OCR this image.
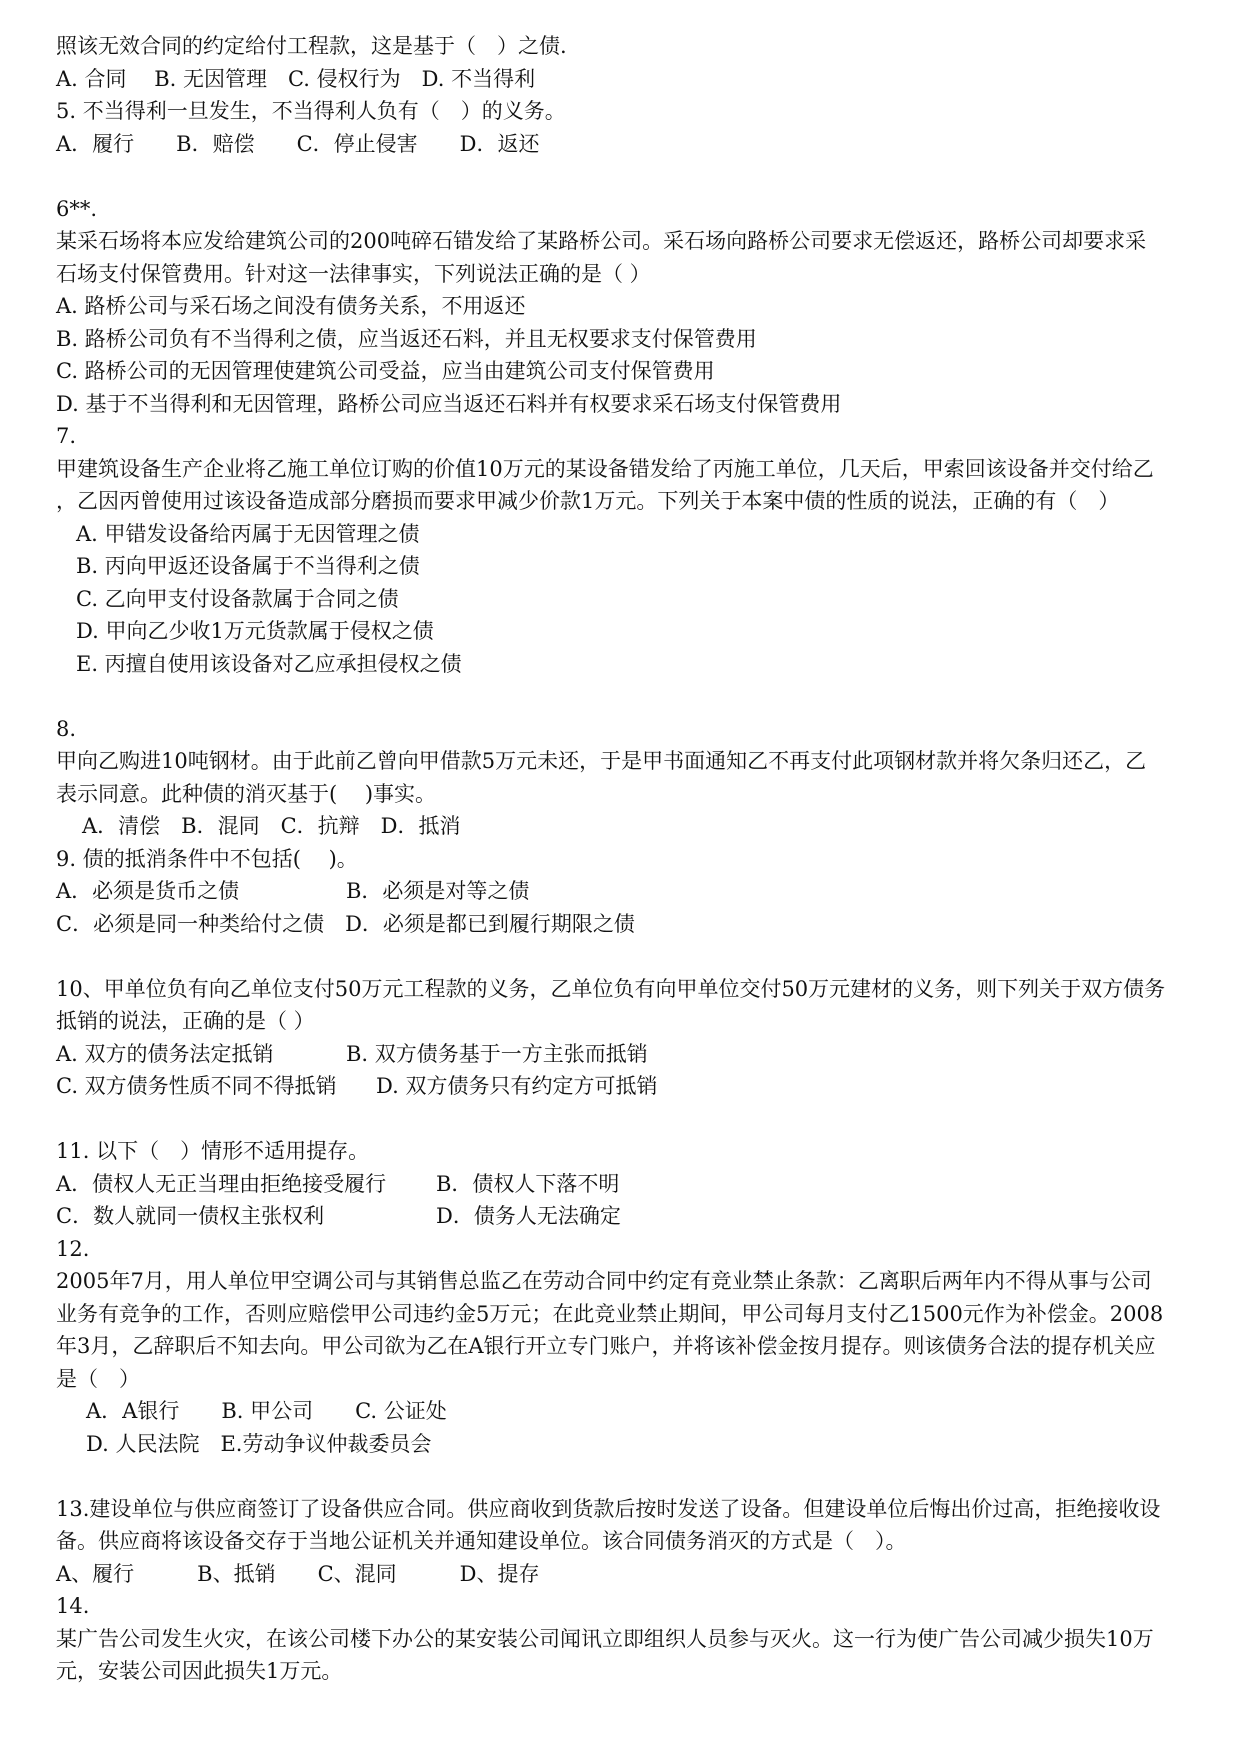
照该无效合同的约定给付工程款，这是基于（　）之债.
A. 合同　 B. 无因管理　C. 侵权行为　D. 不当得利
5. 不当得利一旦发生，不当得利人负有（　）的义务。
A．履行　　B．赔偿　　C．停止侵害　　D．返还
6**.
某采石场将本应发给建筑公司的200吨碎石错发给了某路桥公司。采石场向路桥公司要求无偿返还，路桥公司却要求采
石场支付保管费用。针对这一法律事实，下列说法正确的是（ ）
A. 路桥公司与采石场之间没有债务关系，不用返还
B. 路桥公司负有不当得利之债，应当返还石料，并且无权要求支付保管费用
C. 路桥公司的无因管理使建筑公司受益，应当由建筑公司支付保管费用
D. 基于不当得利和无因管理，路桥公司应当返还石料并有权要求采石场支付保管费用
7.
甲建筑设备生产企业将乙施工单位订购的价值10万元的某设备错发给了丙施工单位，几天后，甲索回该设备并交付给乙
，乙因丙曾使用过该设备造成部分磨损而要求甲减少价款1万元。下列关于本案中债的性质的说法，正确的有（　）
A. 甲错发设备给丙属于无因管理之债
B. 丙向甲返还设备属于不当得利之债
C. 乙向甲支付设备款属于合同之债
D. 甲向乙少收1万元货款属于侵权之债
E. 丙擅自使用该设备对乙应承担侵权之债
8.
甲向乙购进10吨钢材。由于此前乙曾向甲借款5万元未还，于是甲书面通知乙不再支付此项钢材款并将欠条归还乙，乙
表示同意。此种债的消灭基于(　 )事实。
A．清偿　B．混同　C．抗辩　D．抵消
9. 债的抵消条件中不包括(　 )。
A．必须是货币之债	B．必须是对等之债
C．必须是同一种类给付之债　D．必须是都已到履行期限之债
10、甲单位负有向乙单位支付50万元工程款的义务，乙单位负有向甲单位交付50万元建材的义务，则下列关于双方债务
抵销的说法，正确的是（ ）
A. 双方的债务法定抵销	B. 双方债务基于一方主张而抵销
C. 双方债务性质不同不得抵销	D. 双方债务只有约定方可抵销
11. 以下（　）情形不适用提存。
A．债权人无正当理由拒绝接受履行	B．债权人下落不明
C．数人就同一债权主张权利	D．债务人无法确定
12.
2005年7月，用人单位甲空调公司与其销售总监乙在劳动合同中约定有竞业禁止条款：乙离职后两年内不得从事与公司
业务有竞争的工作，否则应赔偿甲公司违约金5万元；在此竞业禁止期间，甲公司每月支付乙1500元作为补偿金。2008
年3月，乙辞职后不知去向。甲公司欲为乙在A银行开立专门账户，并将该补偿金按月提存。则该债务合法的提存机关应
是（　）
A．A银行　　B. 甲公司　　C. 公证处
D. 人民法院　E.劳动争议仲裁委员会
13.建设单位与供应商签订了设备供应合同。供应商收到货款后按时发送了设备。但建设单位后悔出价过高，拒绝接收设
备。供应商将该设备交存于当地公证机关并通知建设单位。该合同债务消灭的方式是（　）。
A、履行　　　B、抵销　　C、混同　　　D、提存
14.
某广告公司发生火灾，在该公司楼下办公的某安装公司闻讯立即组织人员参与灭火。这一行为使广告公司减少损失10万
元，安装公司因此损失1万元。
